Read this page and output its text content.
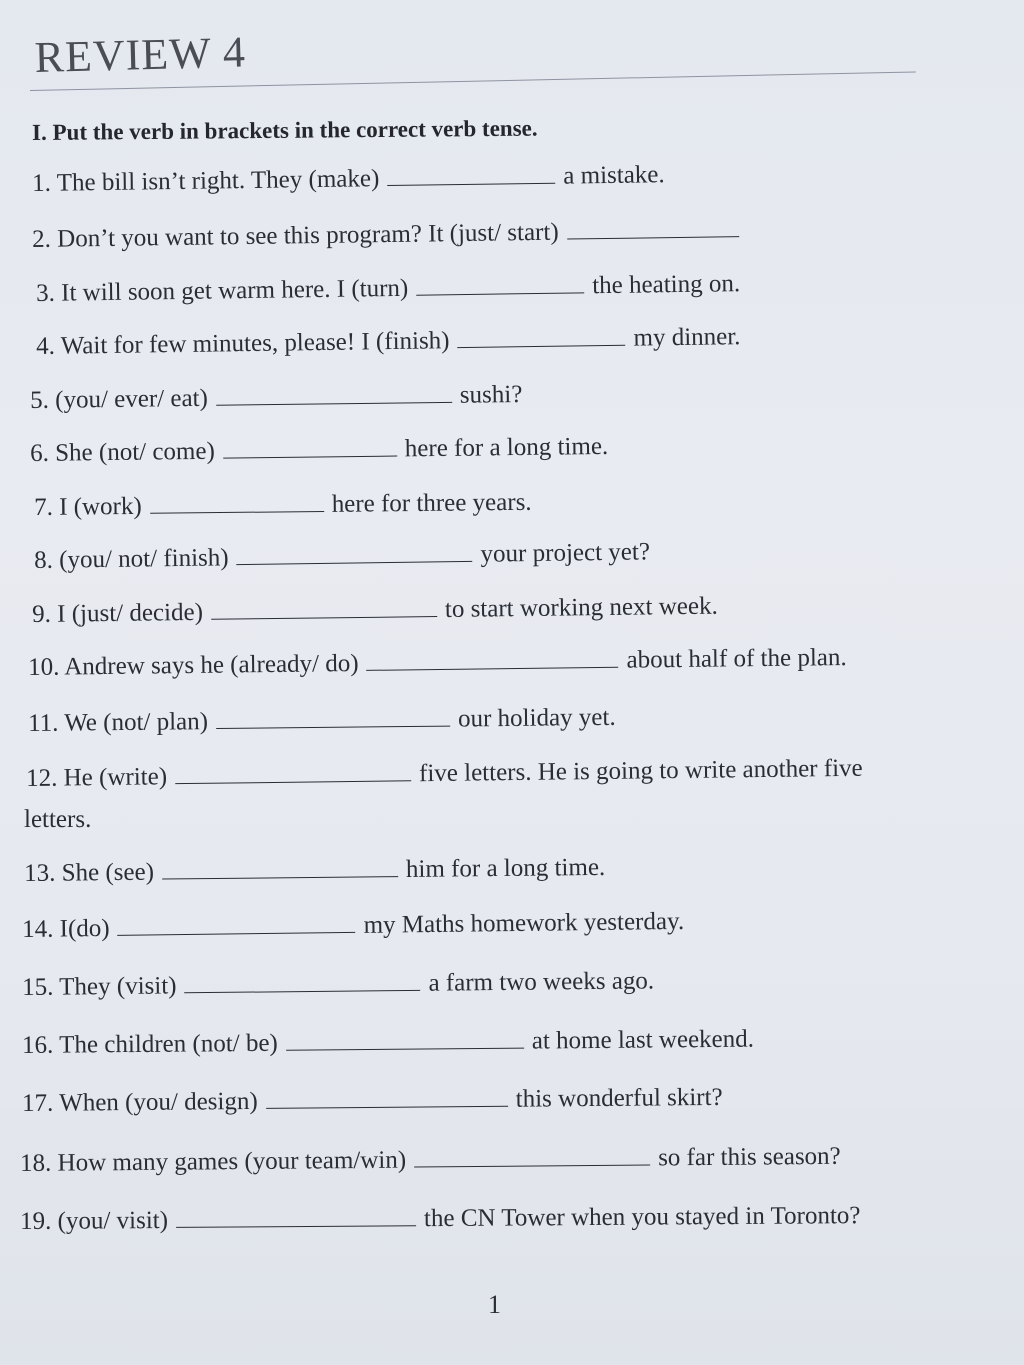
REVIEW 4
I. Put the verb in brackets in the correct verb tense.
1. The bill isn’t right. They (make)	a mistake.
2. Don’t you want to see this program? It (just/ start)
3. It will soon get warm here. I (turn)	the heating on.
4. Wait for few minutes, please! I (finish)	my dinner.
5. (you/ ever/ eat)	sushi?
6. She (not/ come)	here for a long time.
7. I (work)	here for three years.
8. (you/ not/ finish)	your project yet?
9. I (just/ decide)	to start working next week.
10. Andrew says he (already/ do)	about half of the plan.
11. We (not/ plan)	our holiday yet.
12. He (write)	five letters. He is going to write another five
letters.
13. She (see)	him for a long time.
14. I(do)	my Maths homework yesterday.
15. They (visit)	a farm two weeks ago.
16. The children (not/ be)	at home last weekend.
17. When (you/ design)	this wonderful skirt?
18. How many games (your team/win)	so far this season?
19. (you/ visit)	the CN Tower when you stayed in Toronto?
1
